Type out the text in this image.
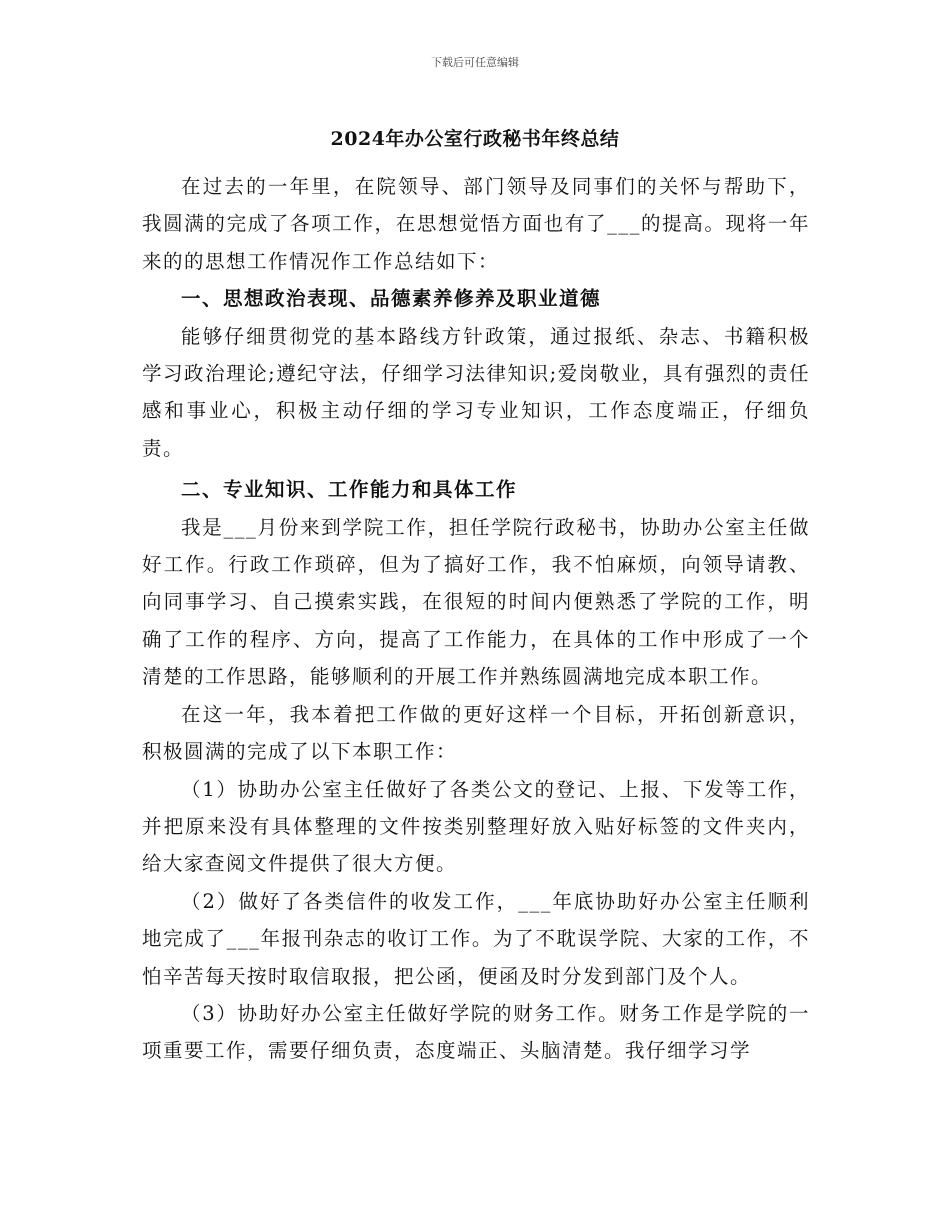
下载后可任意编辑
2024年办公室行政秘书年终总结

在过去的一年里，在院领导、部门领导及同事们的关怀与帮助下，我圆满的完成了各项工作，在思想觉悟方面也有了___的提高。现将一年来的的思想工作情况作工作总结如下：

一、思想政治表现、品德素养修养及职业道德

能够仔细贯彻党的基本路线方针政策，通过报纸、杂志、书籍积极学习政治理论;遵纪守法，仔细学习法律知识;爱岗敬业，具有强烈的责任感和事业心，积极主动仔细的学习专业知识，工作态度端正，仔细负责。

二、专业知识、工作能力和具体工作

我是___月份来到学院工作，担任学院行政秘书，协助办公室主任做好工作。行政工作琐碎，但为了搞好工作，我不怕麻烦，向领导请教、向同事学习、自己摸索实践，在很短的时间内便熟悉了学院的工作，明确了工作的程序、方向，提高了工作能力，在具体的工作中形成了一个清楚的工作思路，能够顺利的开展工作并熟练圆满地完成本职工作。

在这一年，我本着把工作做的更好这样一个目标，开拓创新意识，积极圆满的完成了以下本职工作：

（1）协助办公室主任做好了各类公文的登记、上报、下发等工作，并把原来没有具体整理的文件按类别整理好放入贴好标签的文件夹内，给大家查阅文件提供了很大方便。

（2）做好了各类信件的收发工作，___年底协助好办公室主任顺利地完成了___年报刊杂志的收订工作。为了不耽误学院、大家的工作，不怕辛苦每天按时取信取报，把公函，便函及时分发到部门及个人。

（3）协助好办公室主任做好学院的财务工作。财务工作是学院的一项重要工作，需要仔细负责，态度端正、头脑清楚。我仔细学习学
